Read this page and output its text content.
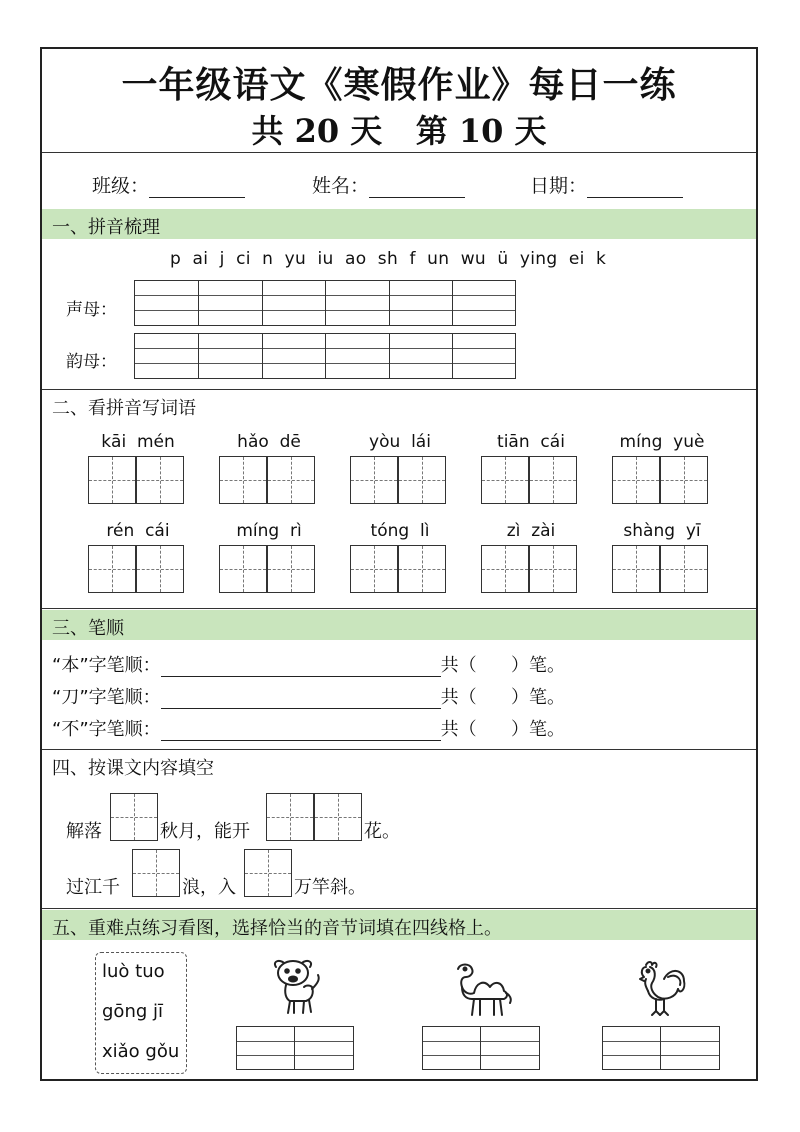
一年级语文《寒假作业》每日一练
共 20 天   第 10 天
班级：	姓名：	日期：
一、拼音梳理
p  ai  j  ci  n  yu  iu  ao  sh  f  un  wu  ü  ying  ei  k
声母：
韵母：
二、看拼音写词语
kāi  mén	hǎo  dē	yòu  lái	tiān  cái	míng  yuè
rén  cái	míng  rì	tóng  lì	zì  zài	shàng  yī
三、笔顺
“本”字笔顺：	共（      ）笔。
“刀”字笔顺：	共（      ）笔。
“不”字笔顺：	共（      ）笔。
四、按课文内容填空
解落	秋月，能开	花。
过江千	浪，入	万竿斜。
五、重难点练习看图，选择恰当的音节词填在四线格上。
luò tuo
gōng jī
xiǎo gǒu
